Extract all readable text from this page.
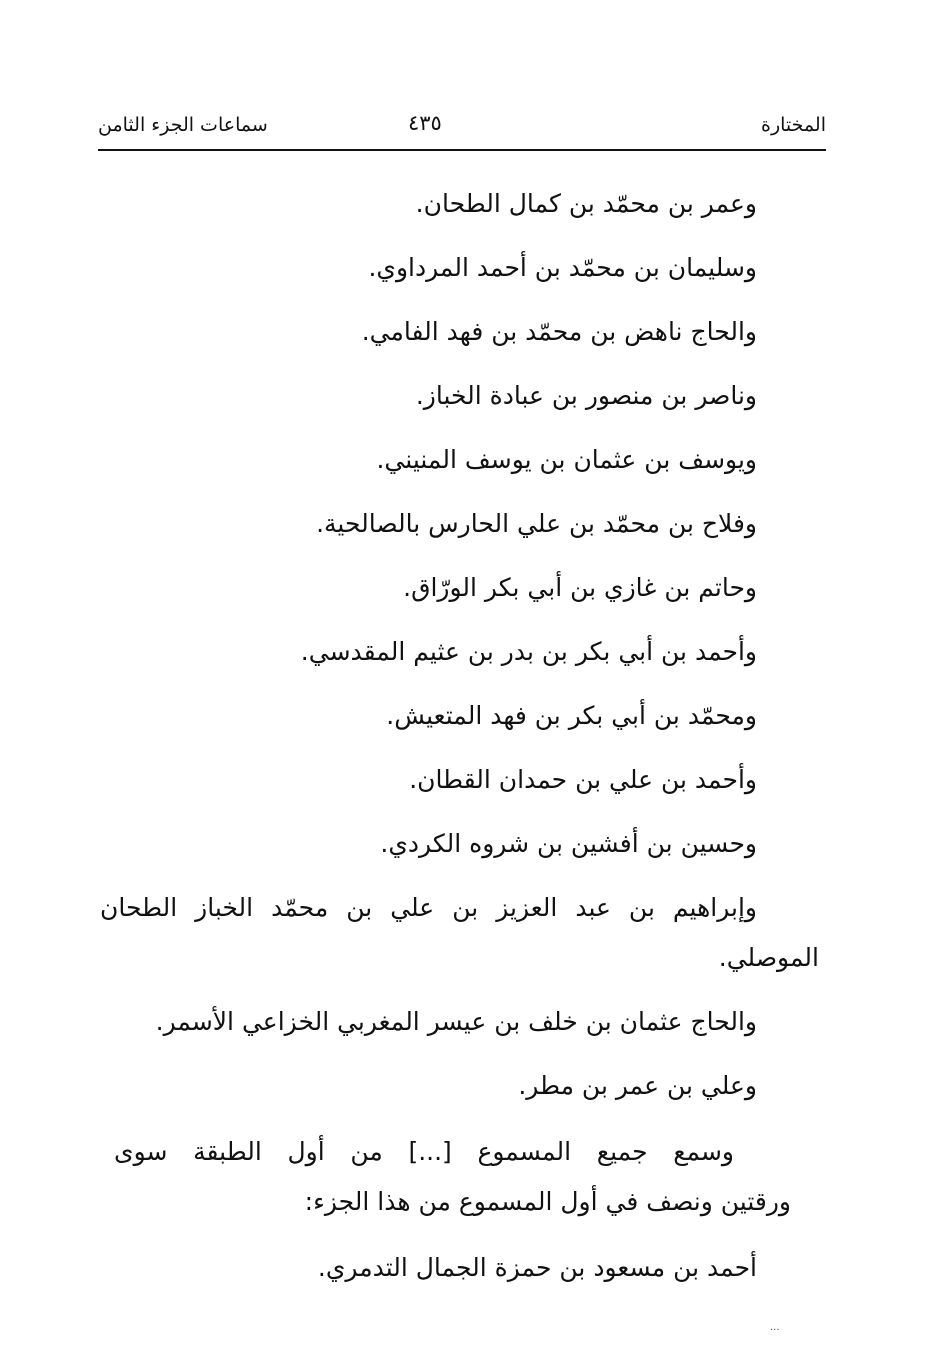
المختارة
٤٣٥
سماعات الجزء الثامن
وعمر بن محمّد بن كمال الطحان.
وسليمان بن محمّد بن أحمد المرداوي.
والحاج ناهض بن محمّد بن فهد الفامي.
وناصر بن منصور بن عبادة الخباز.
ويوسف بن عثمان بن يوسف المنيني.
وفلاح بن محمّد بن علي الحارس بالصالحية.
وحاتم بن غازي بن أبي بكر الورّاق.
وأحمد بن أبي بكر بن بدر بن عثيم المقدسي.
ومحمّد بن أبي بكر بن فهد المتعيش.
وأحمد بن علي بن حمدان القطان.
وحسين بن أفشين بن شروه الكردي.
وإبراهيم بن عبد العزيز بن علي بن محمّد الخباز الطحان
الموصلي.
والحاج عثمان بن خلف بن عيسر المغربي الخزاعي الأسمر.
وعلي بن عمر بن مطر.
وسمع جميع المسموع [...] من أول الطبقة سوى
ورقتين ونصف في أول المسموع من هذا الجزء:
أحمد بن مسعود بن حمزة الجمال التدمري.
...
